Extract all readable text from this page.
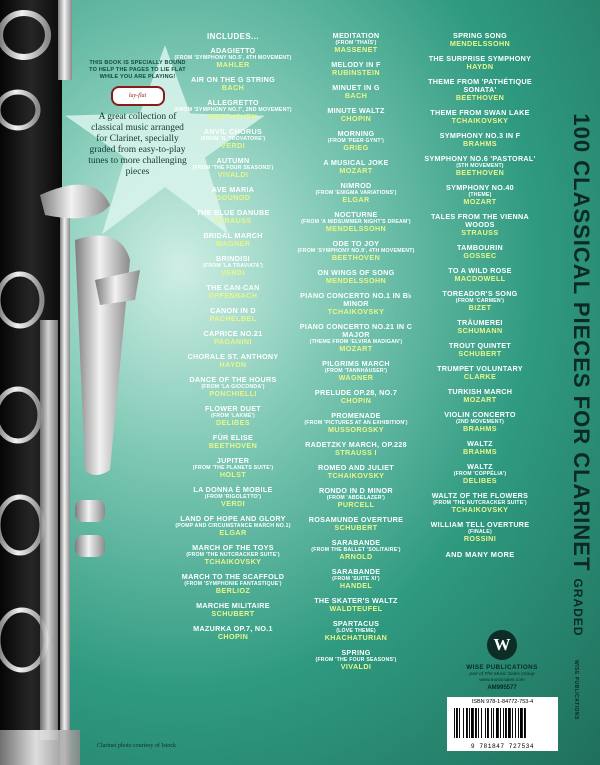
THIS BOOK IS SPECIALLY BOUND TO HELP THE PAGES TO LIE FLAT WHILE YOU ARE PLAYING!

lay-flat

A great collection of classical music arranged for Clarinet, specially graded from easy-to-play tunes to more challenging pieces

INCLUDES...
ADAGIETTO
(FROM 'SYMPHONY NO.5', 4TH MOVEMENT)
MAHLER
AIR ON THE G STRING
BACH
ALLEGRETTO
(FROM 'SYMPHONY NO.7', 2ND MOVEMENT)
BEETHOVEN
ANVIL CHORUS
(FROM 'IL TROVATORE')
VERDI
AUTUMN
(FROM 'THE FOUR SEASONS')
VIVALDI
AVE MARIA
GOUNOD
THE BLUE DANUBE
STRAUSS
BRIDAL MARCH
WAGNER
BRINDISI
(FROM 'LA TRAVIATA')
VERDI
THE CAN-CAN
OFFENBACH
CANON IN D
PACHELBEL
CAPRICE NO.21
PAGANINI
CHORALE ST. ANTHONY
HAYDN
DANCE OF THE HOURS
(FROM 'LA GIOCONDA')
PONCHIELLI
FLOWER DUET
(FROM 'LAKMÉ')
DELIBES
FÜR ELISE
BEETHOVEN
JUPITER
(FROM 'THE PLANETS SUITE')
HOLST
LA DONNA È MOBILE
(FROM 'RIGOLETTO')
VERDI
LAND OF HOPE AND GLORY
(POMP AND CIRCUMSTANCE MARCH NO.1)
ELGAR
MARCH OF THE TOYS
(FROM 'THE NUTCRACKER SUITE')
TCHAIKOVSKY
MARCH TO THE SCAFFOLD
(FROM 'SYMPHONIE FANTASTIQUE')
BERLIOZ
MARCHE MILITAIRE
SCHUBERT
MAZURKA OP.7, NO.1
CHOPIN
MEDITATION
(FROM 'THAÏS')
MASSENET
MELODY IN F
RUBINSTEIN
MINUET IN G
BACH
MINUTE WALTZ
CHOPIN
MORNING
(FROM 'PEER GYNT')
GRIEG
A MUSICAL JOKE
MOZART
NIMROD
(FROM 'ENIGMA VARIATIONS')
ELGAR
NOCTURNE
(FROM 'A MIDSUMMER NIGHT'S DREAM')
MENDELSSOHN
ODE TO JOY
(FROM 'SYMPHONY NO.9', 4TH MOVEMENT)
BEETHOVEN
ON WINGS OF SONG
MENDELSSOHN
PIANO CONCERTO NO.1 IN B♭ MINOR
TCHAIKOVSKY
PIANO CONCERTO NO.21 IN C MAJOR
(THEME FROM 'ELVIRA MADIGAN')
MOZART
PILGRIMS MARCH
(FROM 'TANNHÄUSER')
WAGNER
PRELUDE OP.28, NO.7
CHOPIN
PROMENADE
(FROM 'PICTURES AT AN EXHIBITION')
MUSSORGSKY
RADETZKY MARCH, OP.228
STRAUSS I
ROMEO AND JULIET
TCHAIKOVSKY
RONDO IN D MINOR
(FROM 'ABDELAZER')
PURCELL
ROSAMUNDE OVERTURE
SCHUBERT
SARABANDE
(FROM THE BALLET 'SOLITAIRE')
ARNOLD
SARABANDE
(FROM 'SUITE XI')
HANDEL
THE SKATER'S WALTZ
WALDTEUFEL
SPARTACUS
(LOVE THEME)
KHACHATURIAN
SPRING
(FROM 'THE FOUR SEASONS')
VIVALDI
SPRING SONG
MENDELSSOHN
THE SURPRISE SYMPHONY
HAYDN
THEME FROM 'PATHÉTIQUE SONATA'
BEETHOVEN
THEME FROM SWAN LAKE
TCHAIKOVSKY
SYMPHONY NO.3 IN F
BRAHMS
SYMPHONY NO.6 'PASTORAL'
(5TH MOVEMENT)
BEETHOVEN
SYMPHONY NO.40
(THEME)
MOZART
TALES FROM THE VIENNA WOODS
STRAUSS
TAMBOURIN
GOSSEC
TO A WILD ROSE
MACDOWELL
TOREADOR'S SONG
(FROM 'CARMEN')
BIZET
TRÄUMEREI
SCHUMANN
TROUT QUINTET
SCHUBERT
TRUMPET VOLUNTARY
CLARKE
TURKISH MARCH
MOZART
VIOLIN CONCERTO
(2ND MOVEMENT)
BRAHMS
WALTZ
BRAHMS
WALTZ
(FROM 'COPPÉLIA')
DELIBES
WALTZ OF THE FLOWERS
(FROM 'THE NUTCRACKER SUITE')
TCHAIKOVSKY
WILLIAM TELL OVERTURE
(FINALE)
ROSSINI
AND MANY MORE	100 CLASSICAL PIECES FOR CLARINET GRADED
WISE PUBLICATIONS
W
WISE PUBLICATIONS
part of The Music Sales Group
www.musicsales.com
AM995577
ISBN 978-1-84772-753-4
9 781847 727534
Clarinet photo courtesy of Istock
